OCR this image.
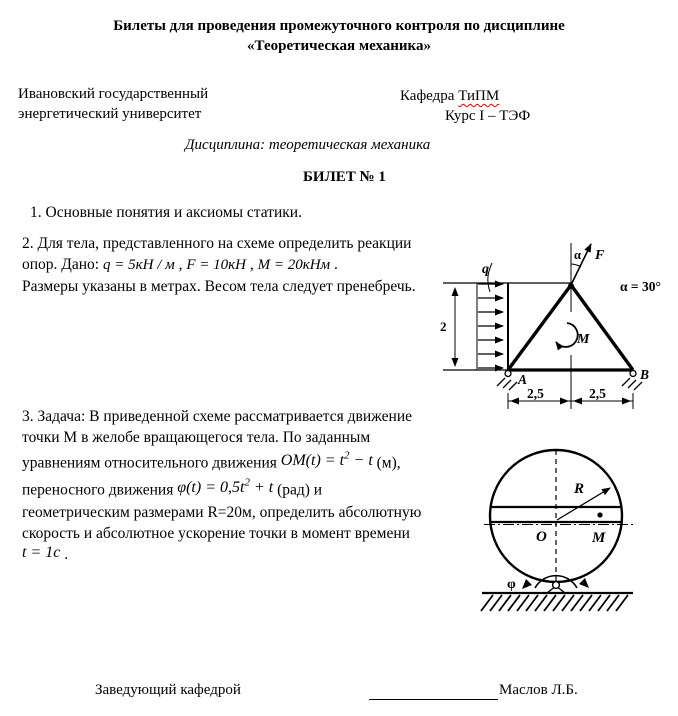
Билеты для проведения промежуточного контроля по дисциплине
«Теоретическая механика»
Ивановский государственный
энергетический университет
Кафедра ТиПМ
Курс I – ТЭФ
Дисциплина: теоретическая механика
БИЛЕТ № 1
1. Основные понятия и аксиомы статики.
2. Для тела, представленного на схеме определить реакции
опор. Дано: q = 5кН / м , F = 10кН , М = 20кНм .
Размеры указаны в метрах. Весом тела следует пренебречь.
q
2
F
α
α = 30°
M
A	B
2,5	2,5
3. Задача: В приведенной схеме рассматривается движение
точки М в желобе вращающегося тела. По заданным
уравнениям относительного движения $OM(t) = t^2 - t$ (м),
переносного движения $\varphi(t) = 0,5t^2 + t$ (рад) и
геометрическим размерами R=20м, определить абсолютную
скорость и абсолютное ускорение точки в момент времени
t = 1c .
R
O	M
φ
Заведующий кафедрой	Маслов Л.Б.
